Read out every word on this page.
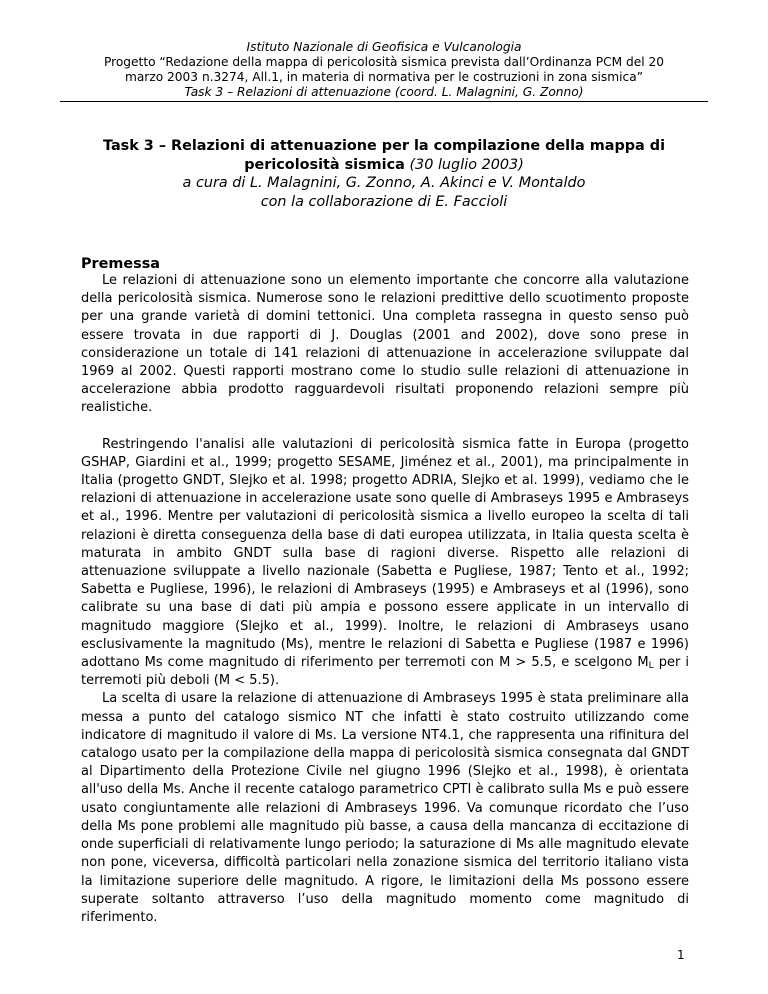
Istituto Nazionale di Geofisica e Vulcanologia
Progetto “Redazione della mappa di pericolosità sismica prevista dall’Ordinanza PCM del 20
marzo 2003 n.3274, All.1, in materia di normativa per le costruzioni in zona sismica”
Task 3 – Relazioni di attenuazione (coord. L. Malagnini, G. Zonno)
Task 3 – Relazioni di attenuazione per la compilazione della mappa di pericolosità sismica (30 luglio 2003)
a cura di L. Malagnini, G. Zonno, A. Akinci e V. Montaldo
con la collaborazione di E. Faccioli
Premessa

Le relazioni di attenuazione sono un elemento importante che concorre alla valutazione della pericolosità sismica. Numerose sono le relazioni predittive dello scuotimento proposte per una grande varietà di domini tettonici. Una completa rassegna in questo senso può essere trovata in due rapporti di J. Douglas (2001 and 2002), dove sono prese in considerazione un totale di 141 relazioni di attenuazione in accelerazione sviluppate dal 1969 al 2002. Questi rapporti mostrano come lo studio sulle relazioni di attenuazione in accelerazione abbia prodotto ragguardevoli risultati proponendo relazioni sempre più realistiche.

Restringendo l'analisi alle valutazioni di pericolosità sismica fatte in Europa (progetto GSHAP, Giardini et al., 1999; progetto SESAME, Jiménez et al., 2001), ma principalmente in Italia (progetto GNDT, Slejko et al. 1998; progetto ADRIA, Slejko et al. 1999), vediamo che le relazioni di attenuazione in accelerazione usate sono quelle di Ambraseys 1995 e Ambraseys et al., 1996. Mentre per valutazioni di pericolosità sismica a livello europeo la scelta di tali relazioni è diretta conseguenza della base di dati europea utilizzata, in Italia questa scelta è maturata in ambito GNDT sulla base di ragioni diverse. Rispetto alle relazioni di attenuazione sviluppate a livello nazionale (Sabetta e Pugliese, 1987; Tento et al., 1992; Sabetta e Pugliese, 1996), le relazioni di Ambraseys (1995) e Ambraseys et al (1996), sono calibrate su una base di dati più ampia e possono essere applicate in un intervallo di magnitudo maggiore (Slejko et al., 1999). Inoltre, le relazioni di Ambraseys usano esclusivamente la magnitudo (Ms), mentre le relazioni di Sabetta e Pugliese (1987 e 1996) adottano Ms come magnitudo di riferimento per terremoti con M > 5.5, e scelgono $M_L$ per i terremoti più deboli (M < 5.5).

La scelta di usare la relazione di attenuazione di Ambraseys 1995 è stata preliminare alla messa a punto del catalogo sismico NT che infatti è stato costruito utilizzando come indicatore di magnitudo il valore di Ms. La versione NT4.1, che rappresenta una rifinitura del catalogo usato per la compilazione della mappa di pericolosità sismica consegnata dal GNDT al Dipartimento della Protezione Civile nel giugno 1996 (Slejko et al., 1998), è orientata all'uso della Ms. Anche il recente catalogo parametrico CPTI è calibrato sulla Ms e può essere usato congiuntamente alle relazioni di Ambraseys 1996. Va comunque ricordato che l’uso della Ms pone problemi alle magnitudo più basse, a causa della mancanza di eccitazione di onde superficiali di relativamente lungo periodo; la saturazione di Ms alle magnitudo elevate non pone, viceversa, difficoltà particolari nella zonazione sismica del territorio italiano vista la limitazione superiore delle magnitudo. A rigore, le limitazioni della Ms possono essere superate soltanto attraverso l’uso della magnitudo momento come magnitudo di riferimento.

1
